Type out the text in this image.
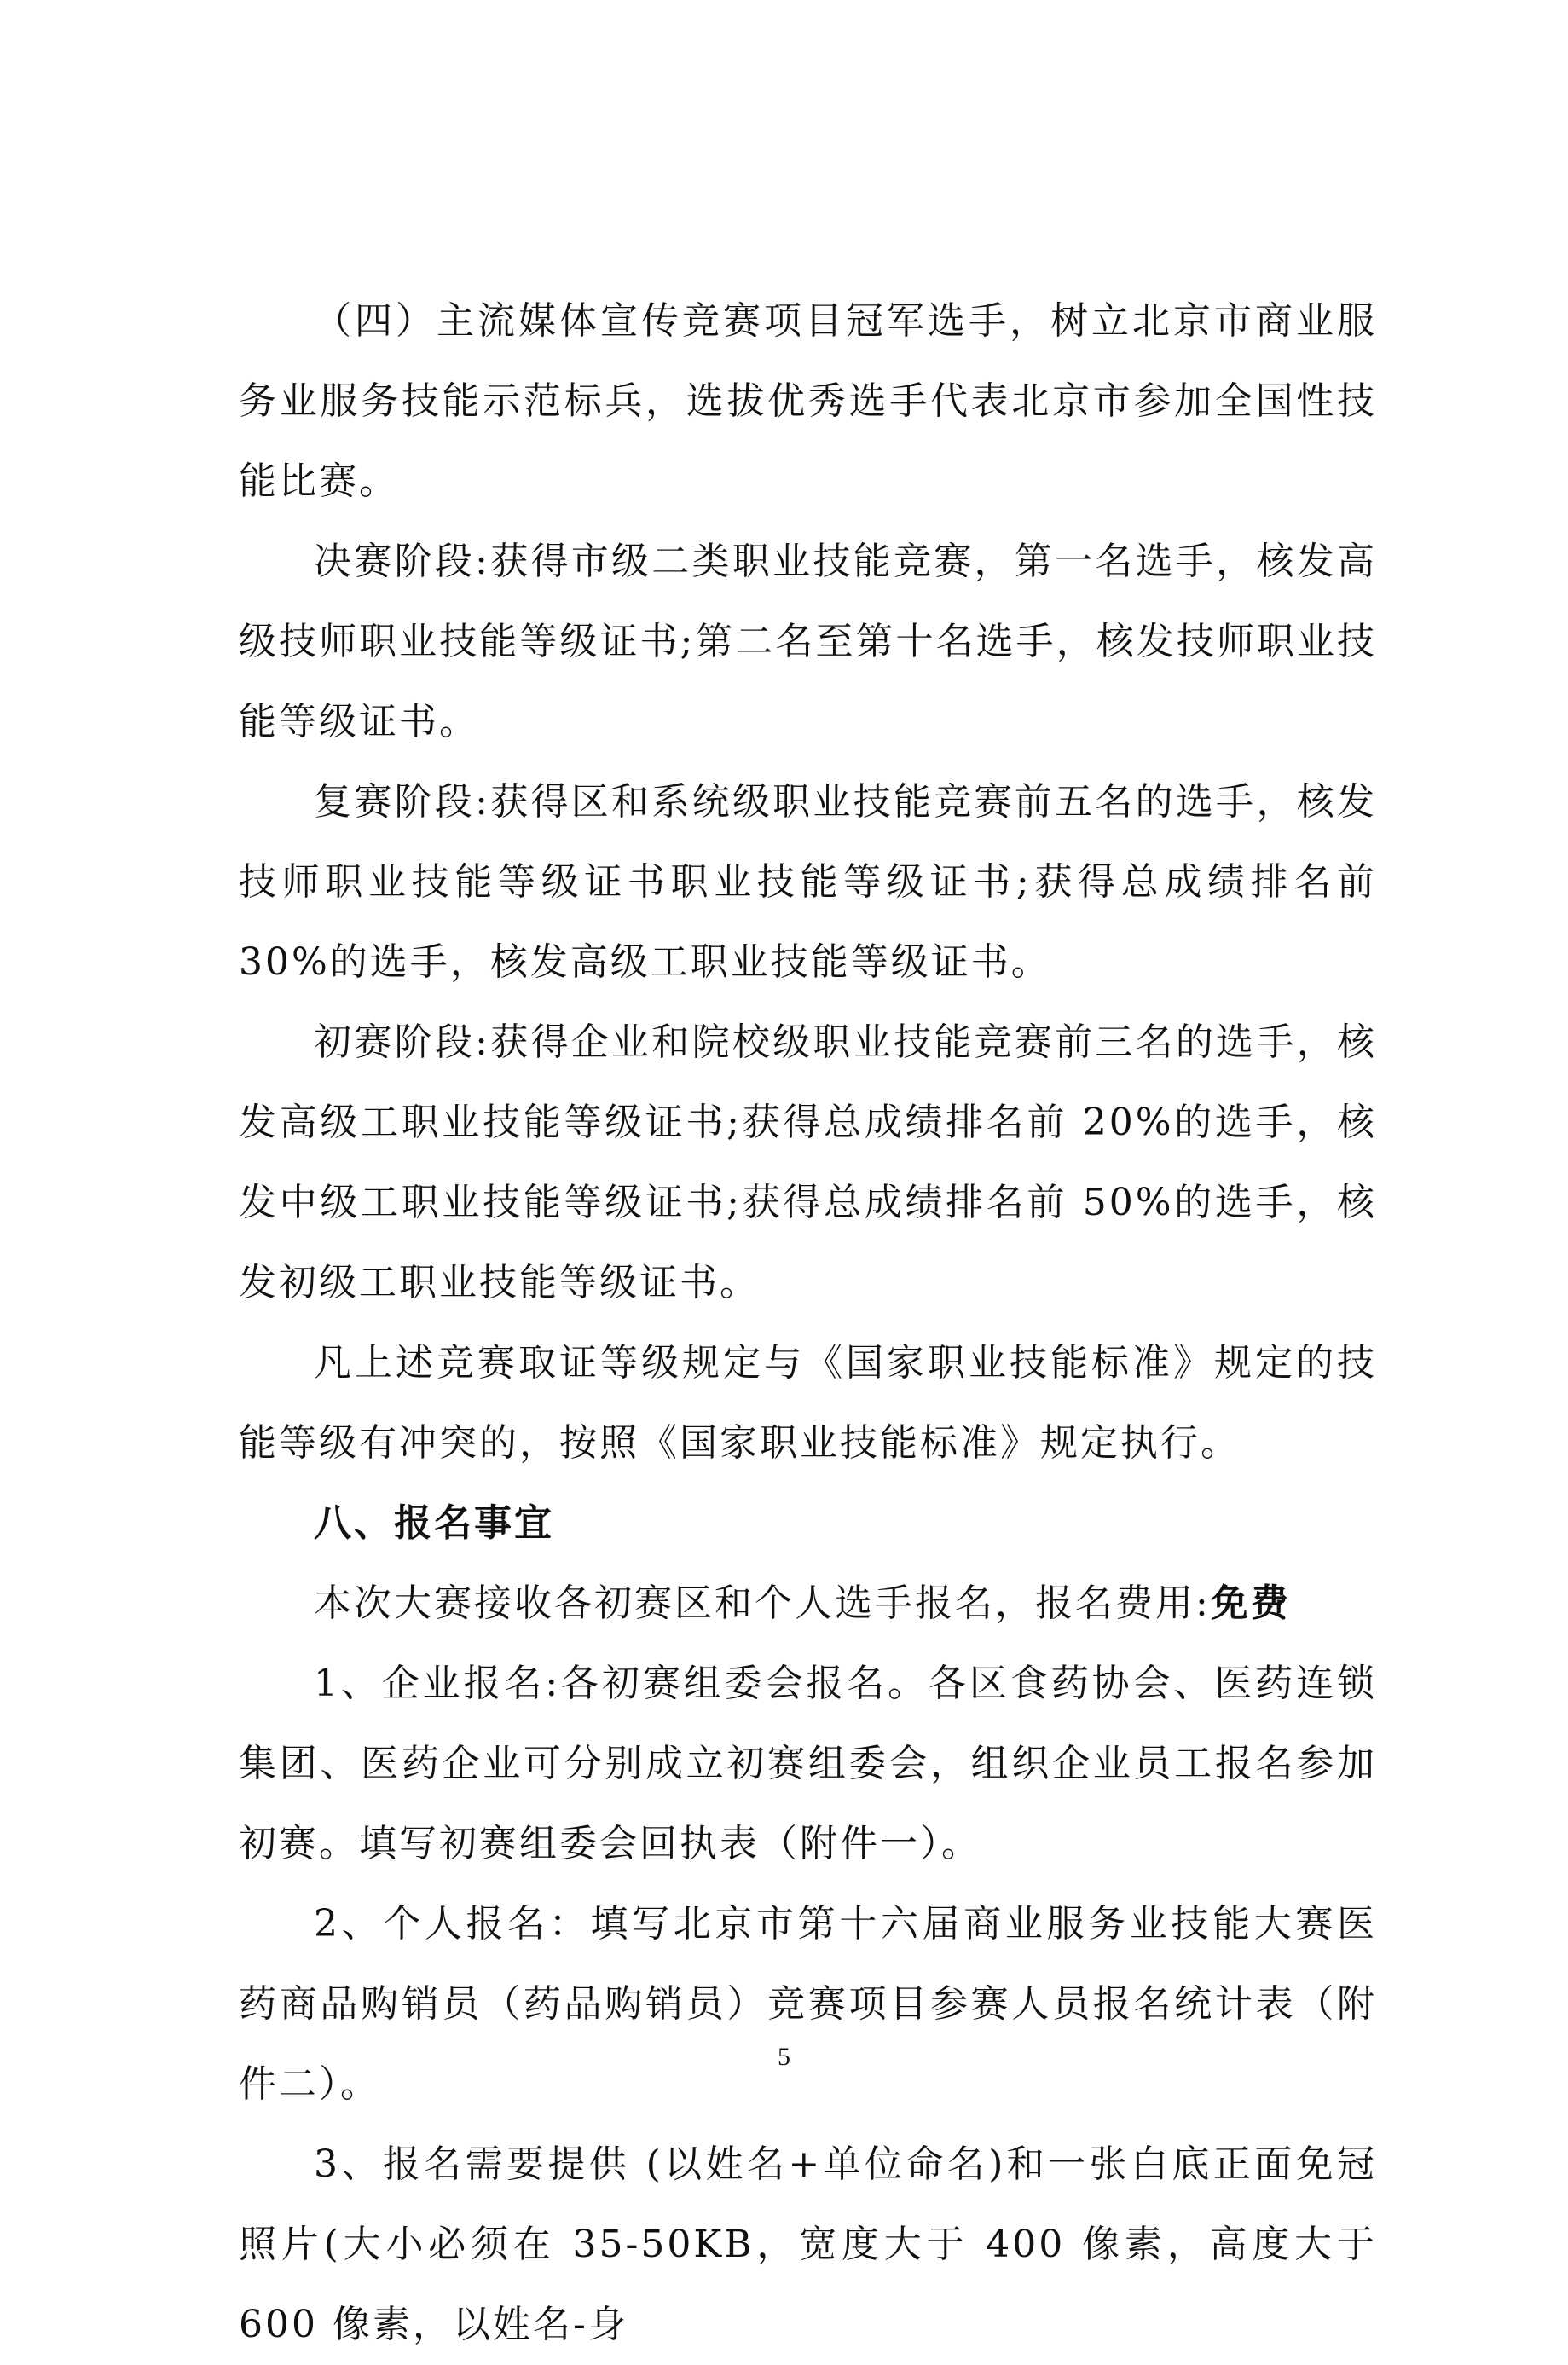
（四）主流媒体宣传竞赛项目冠军选手，树立北京市商业服务业服务技能示范标兵，选拔优秀选手代表北京市参加全国性技能比赛。

决赛阶段:获得市级二类职业技能竞赛，第一名选手，核发高级技师职业技能等级证书;第二名至第十名选手，核发技师职业技能等级证书。

复赛阶段:获得区和系统级职业技能竞赛前五名的选手，核发技师职业技能等级证书职业技能等级证书;获得总成绩排名前 30%的选手，核发高级工职业技能等级证书。

初赛阶段:获得企业和院校级职业技能竞赛前三名的选手，核发高级工职业技能等级证书;获得总成绩排名前 20%的选手，核发中级工职业技能等级证书;获得总成绩排名前 50%的选手，核发初级工职业技能等级证书。

凡上述竞赛取证等级规定与《国家职业技能标准》规定的技能等级有冲突的，按照《国家职业技能标准》规定执行。

八、报名事宜

本次大赛接收各初赛区和个人选手报名，报名费用:免费

1、企业报名:各初赛组委会报名。各区食药协会、医药连锁集团、医药企业可分别成立初赛组委会，组织企业员工报名参加初赛。填写初赛组委会回执表（附件一）。

2、个人报名：填写北京市第十六届商业服务业技能大赛医药商品购销员（药品购销员）竞赛项目参赛人员报名统计表（附件二）。

3、报名需要提供 (以姓名+单位命名)和一张白底正面免冠照片(大小必须在 35-50KB，宽度大于 400 像素，高度大于 600 像素，以姓名-身

5
